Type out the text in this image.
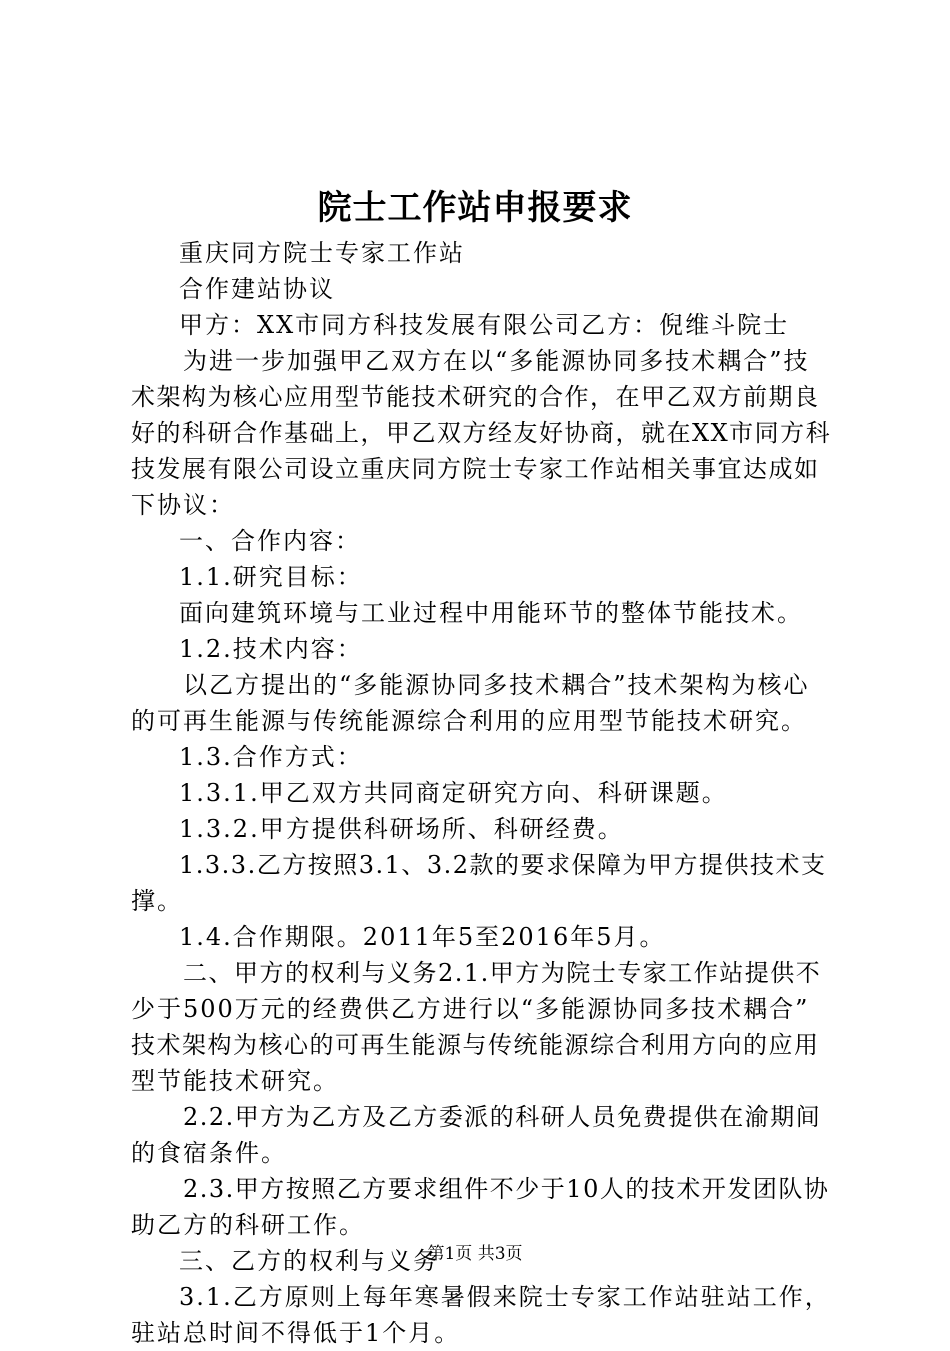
院士工作站申报要求
重庆同方院士专家工作站
合作建站协议
甲方：XX市同方科技发展有限公司乙方：倪维斗院士
为进一步加强甲乙双方在以“多能源协同多技术耦合”技
术架构为核心应用型节能技术研究的合作，在甲乙双方前期良
好的科研合作基础上，甲乙双方经友好协商，就在XX市同方科
技发展有限公司设立重庆同方院士专家工作站相关事宜达成如
下协议：
一、合作内容：
1.1.研究目标：
面向建筑环境与工业过程中用能环节的整体节能技术。
1.2.技术内容：
以乙方提出的“多能源协同多技术耦合”技术架构为核心
的可再生能源与传统能源综合利用的应用型节能技术研究。
1.3.合作方式：
1.3.1.甲乙双方共同商定研究方向、科研课题。
1.3.2.甲方提供科研场所、科研经费。
1.3.3.乙方按照3.1、3.2款的要求保障为甲方提供技术支
撑。
1.4.合作期限。2011年5至2016年5月。
二、甲方的权利与义务2.1.甲方为院士专家工作站提供不
少于500万元的经费供乙方进行以“多能源协同多技术耦合”
技术架构为核心的可再生能源与传统能源综合利用方向的应用
型节能技术研究。
2.2.甲方为乙方及乙方委派的科研人员免费提供在渝期间
的食宿条件。
2.3.甲方按照乙方要求组件不少于10人的技术开发团队协
助乙方的科研工作。
三、乙方的权利与义务
3.1.乙方原则上每年寒暑假来院士专家工作站驻站工作，
驻站总时间不得低于1个月。
第1页 共3页
